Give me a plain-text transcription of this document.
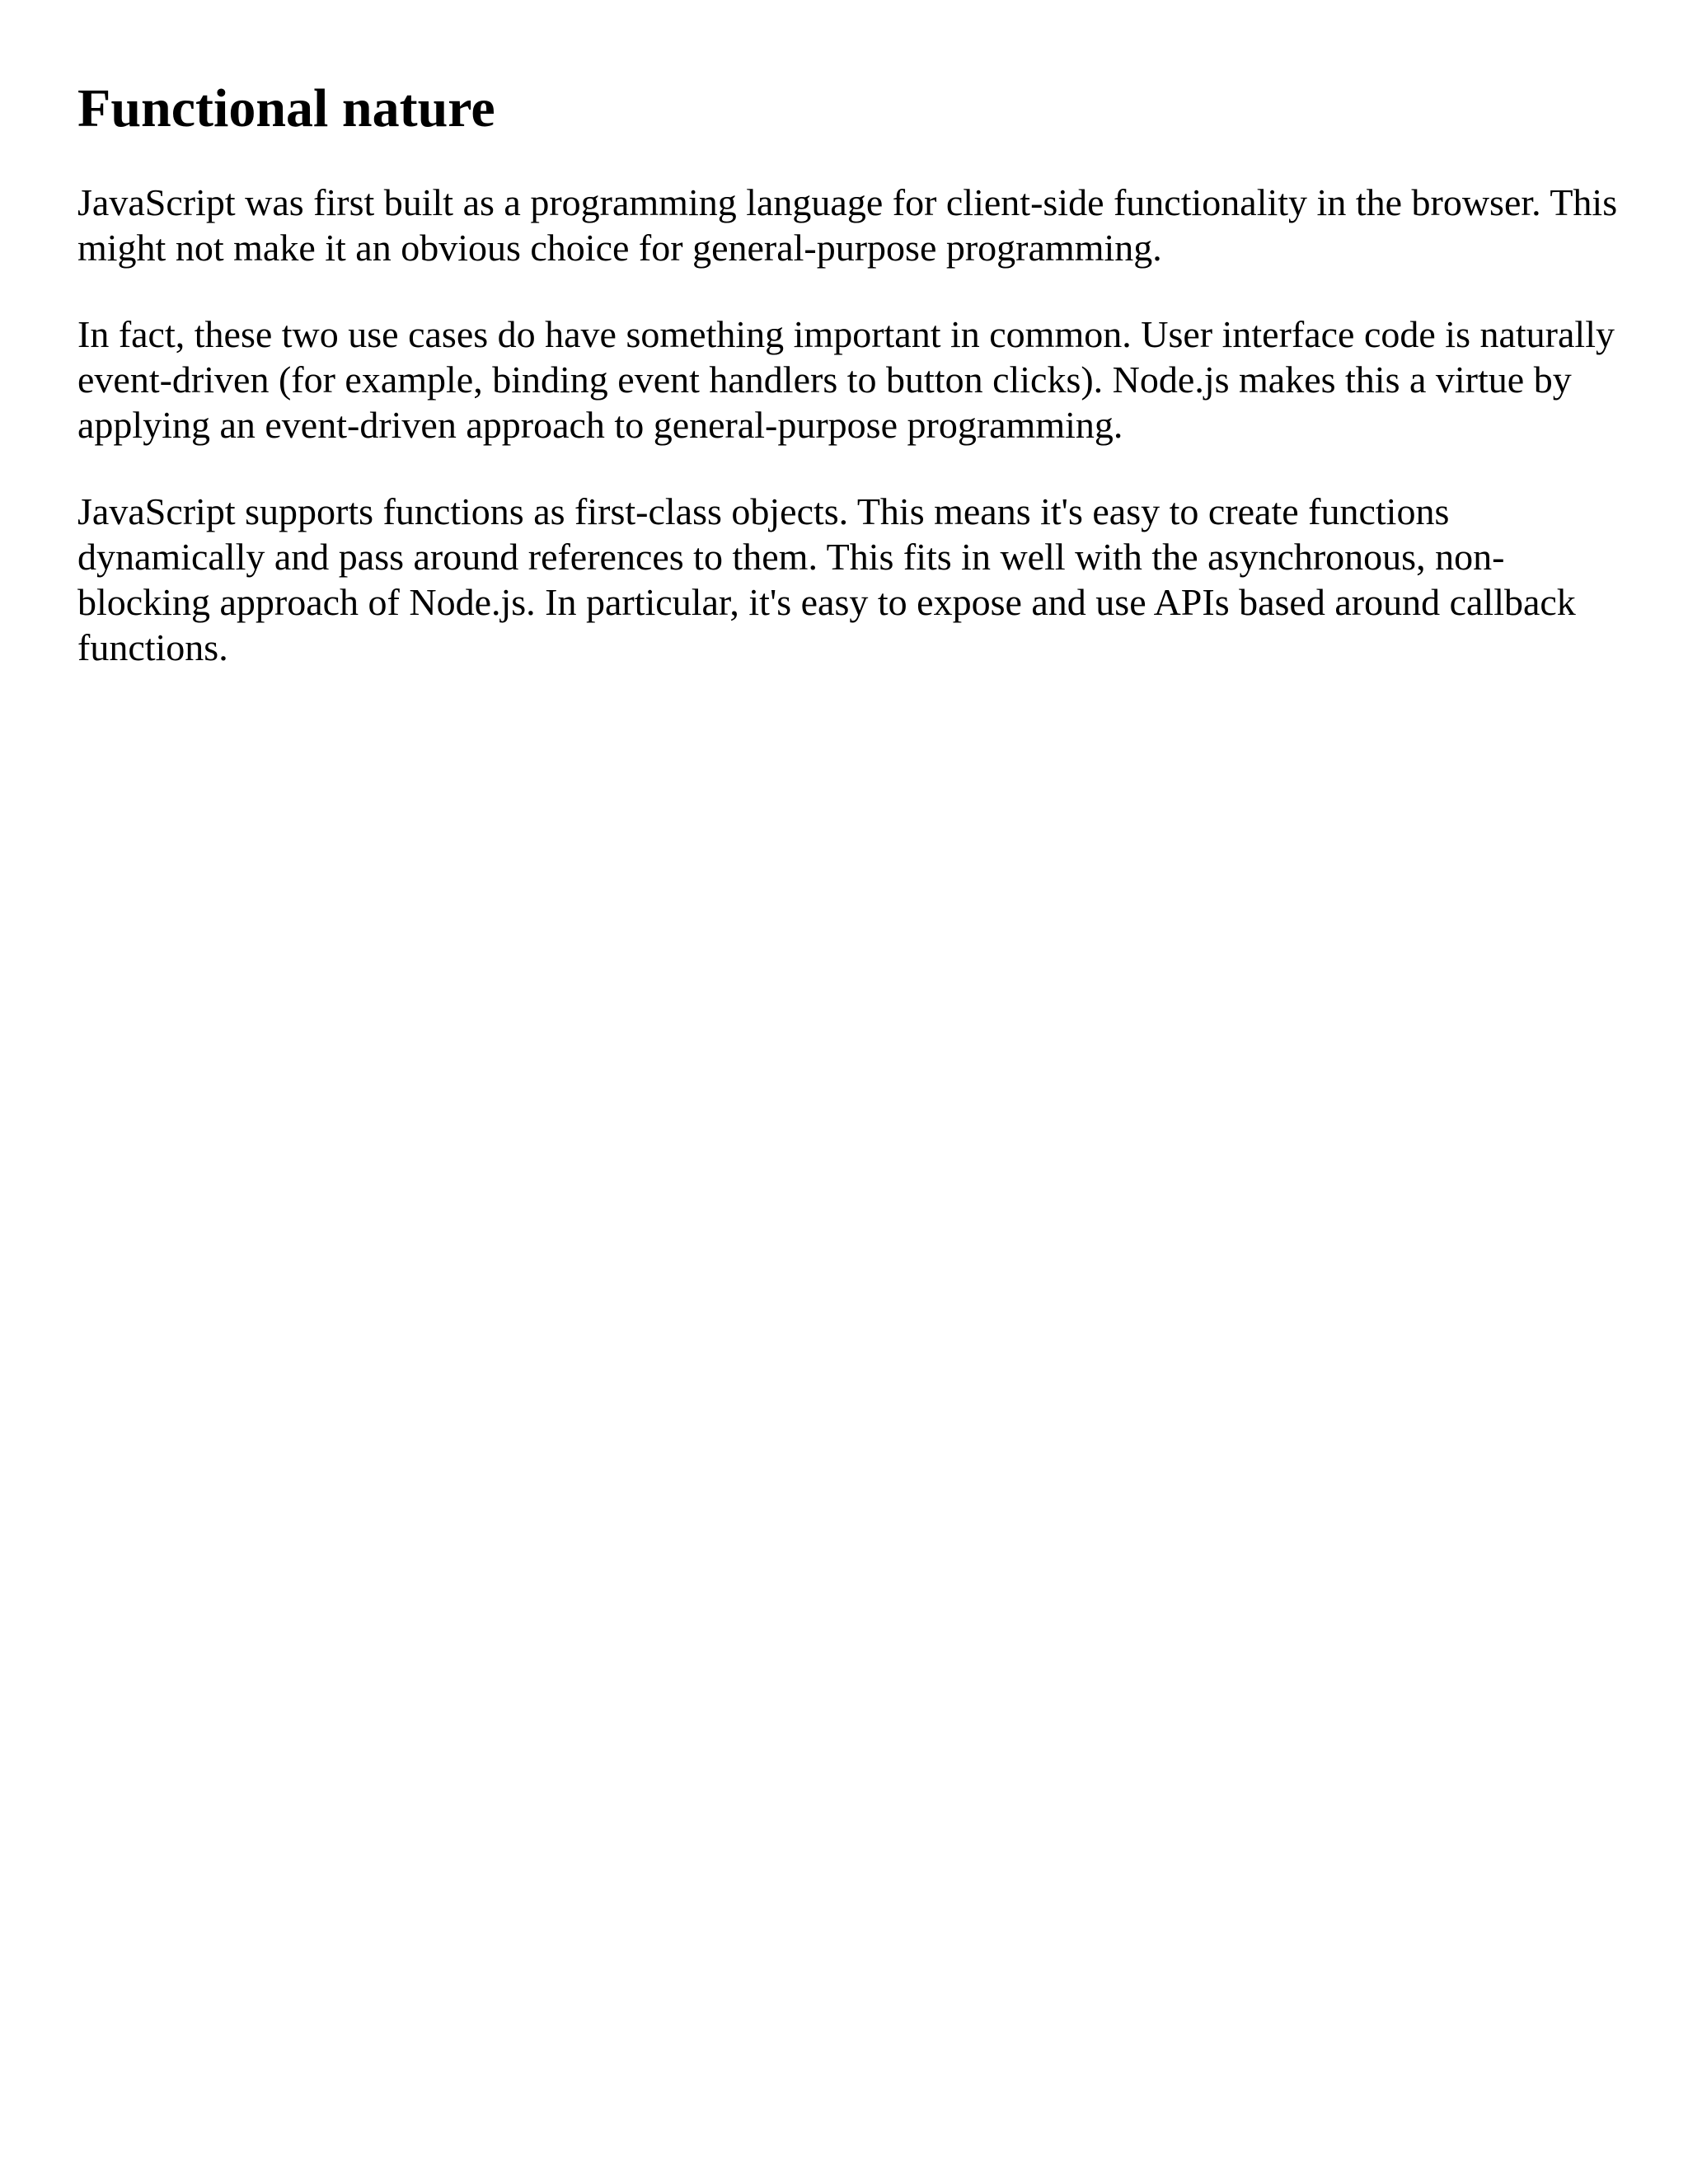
Functional nature

JavaScript was first built as a programming language for client-side functionality in the browser. This might not make it an obvious choice for general-purpose programming.

In fact, these two use cases do have something important in common. User interface code is naturally event-driven (for example, binding event handlers to button clicks). Node.js makes this a virtue by applying an event-driven approach to general-purpose programming.

JavaScript supports functions as first-class objects. This means it's easy to create functions dynamically and pass around references to them. This fits in well with the asynchronous, non-blocking approach of Node.js. In particular, it's easy to expose and use APIs based around callback functions.
